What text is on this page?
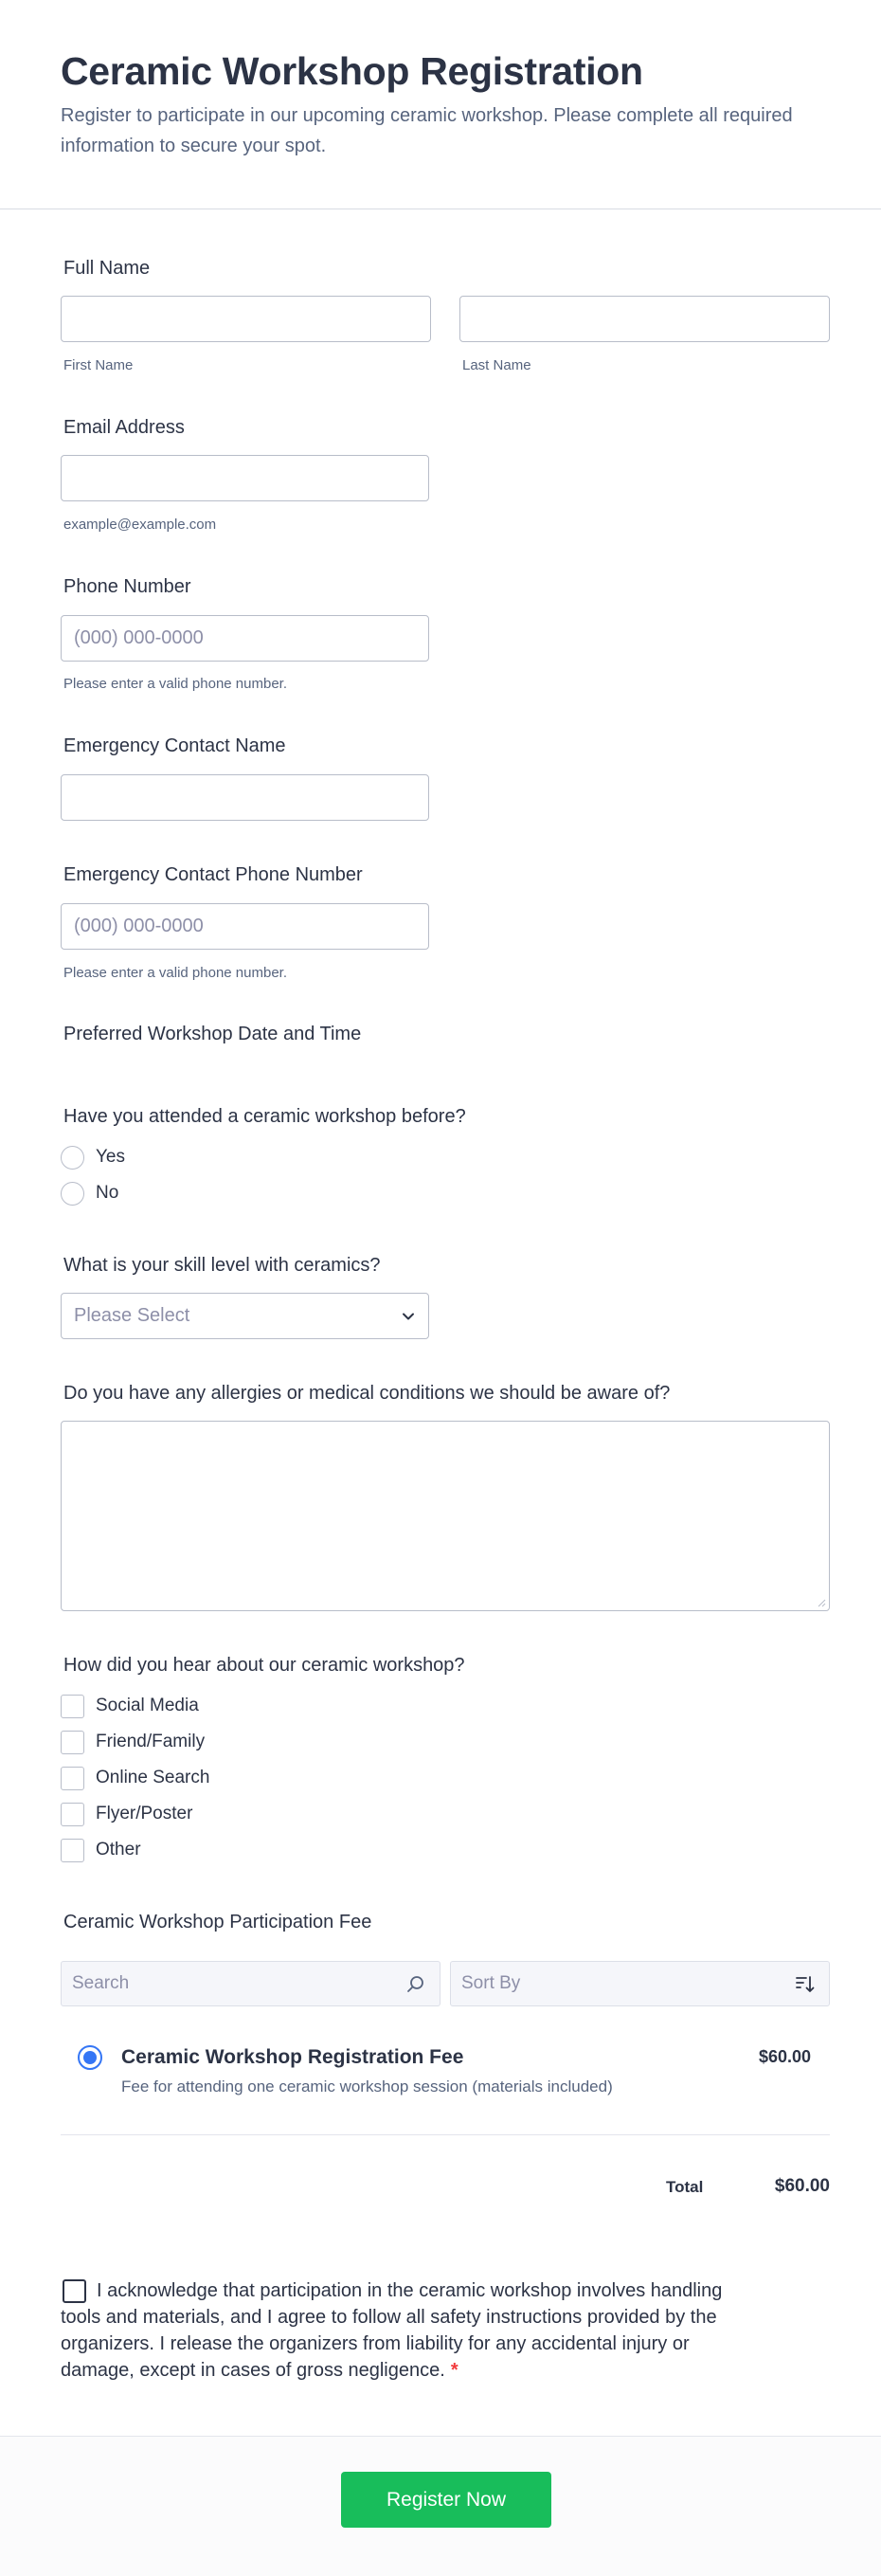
Ceramic Workshop Registration

Register to participate in our upcoming ceramic workshop. Please complete all required information to secure your spot.

Full Name
First Name	Last Name
Email Address
example@example.com
Phone Number
(000) 000-0000
Please enter a valid phone number.
Emergency Contact Name
Emergency Contact Phone Number
(000) 000-0000
Please enter a valid phone number.
Preferred Workshop Date and Time
Have you attended a ceramic workshop before?
Yes
No
What is your skill level with ceramics?
Please Select
Do you have any allergies or medical conditions we should be aware of?
How did you hear about our ceramic workshop?
Social Media
Friend/Family
Online Search
Flyer/Poster
Other
Ceramic Workshop Participation Fee
Search	Sort By
Ceramic Workshop Registration Fee
Fee for attending one ceramic workshop session (materials included)
$60.00
Total	$60.00
I acknowledge that participation in the ceramic workshop involves handling tools and materials, and I agree to follow all safety instructions provided by the organizers. I release the organizers from liability for any accidental injury or damage, except in cases of gross negligence. *
Register Now
